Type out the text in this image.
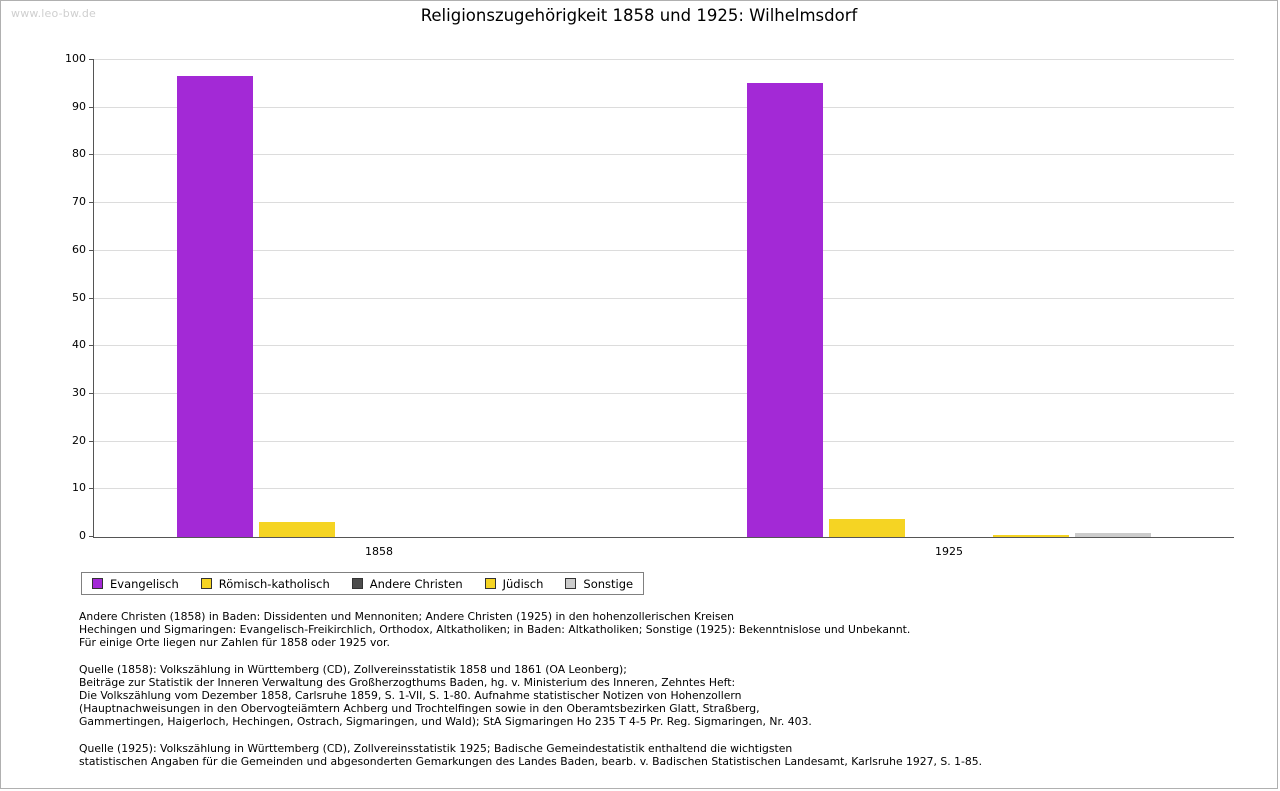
www.leo-bw.de	Religionszugehörigkeit 1858 und 1925: Wilhelmsdorf
0
10
20
30
40
50
60
70
80
90
100
1858	1925
Evangelisch	Römisch-katholisch	Andere Christen	Jüdisch	Sonstige

Andere Christen (1858) in Baden: Dissidenten und Mennoniten; Andere Christen (1925) in den hohenzollerischen Kreisen

Hechingen und Sigmaringen: Evangelisch-Freikirchlich, Orthodox, Altkatholiken; in Baden: Altkatholiken; Sonstige (1925): Bekenntnislose und Unbekannt.

Für einige Orte liegen nur Zahlen für 1858 oder 1925 vor.

Quelle (1858): Volkszählung in Württemberg (CD), Zollvereinsstatistik 1858 und 1861 (OA Leonberg);

Beiträge zur Statistik der Inneren Verwaltung des Großherzogthums Baden, hg. v. Ministerium des Inneren, Zehntes Heft:

Die Volkszählung vom Dezember 1858, Carlsruhe 1859, S. 1-VII, S. 1-80. Aufnahme statistischer Notizen von Hohenzollern

(Hauptnachweisungen in den Obervogteiämtern Achberg und Trochtelfingen sowie in den Oberamtsbezirken Glatt, Straßberg,

Gammertingen, Haigerloch, Hechingen, Ostrach, Sigmaringen, und Wald); StA Sigmaringen Ho 235 T 4-5 Pr. Reg. Sigmaringen, Nr. 403.

Quelle (1925): Volkszählung in Württemberg (CD), Zollvereinsstatistik 1925; Badische Gemeindestatistik enthaltend die wichtigsten

statistischen Angaben für die Gemeinden und abgesonderten Gemarkungen des Landes Baden, bearb. v. Badischen Statistischen Landesamt, Karlsruhe 1927, S. 1-85.
